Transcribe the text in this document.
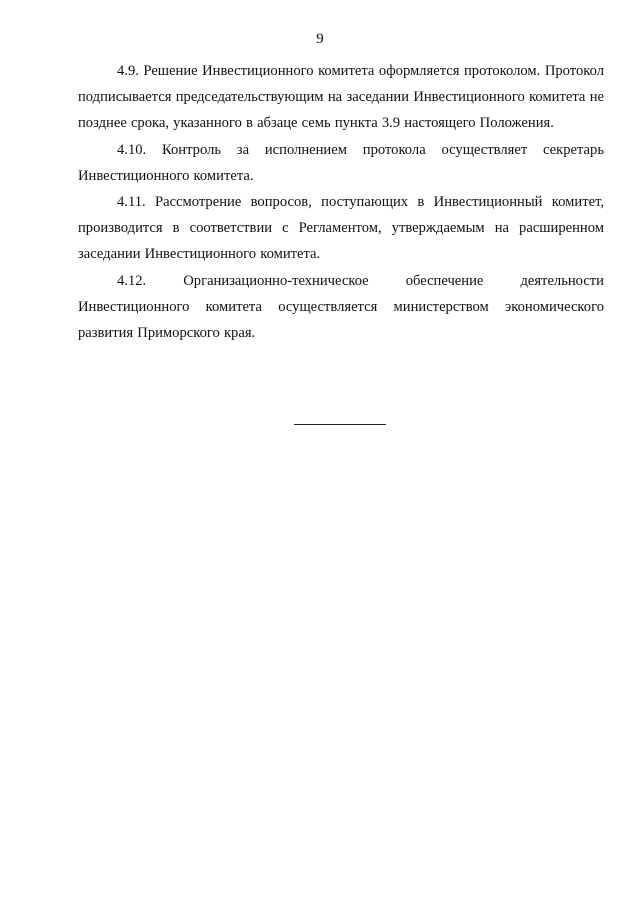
9

4.9. Решение Инвестиционного комитета оформляется протоколом. Протокол подписывается председательствующим на заседании Инвестиционного комитета не позднее срока, указанного в абзаце семь пункта 3.9 настоящего Положения.

4.10. Контроль за исполнением протокола осуществляет секретарь Инвестиционного комитета.

4.11. Рассмотрение вопросов, поступающих в Инвестиционный комитет, производится в соответствии с Регламентом, утверждаемым на расширенном заседании Инвестиционного комитета.

4.12. Организационно-техническое обеспечение деятельности Инвестиционного комитета осуществляется министерством экономического развития Приморского края.
